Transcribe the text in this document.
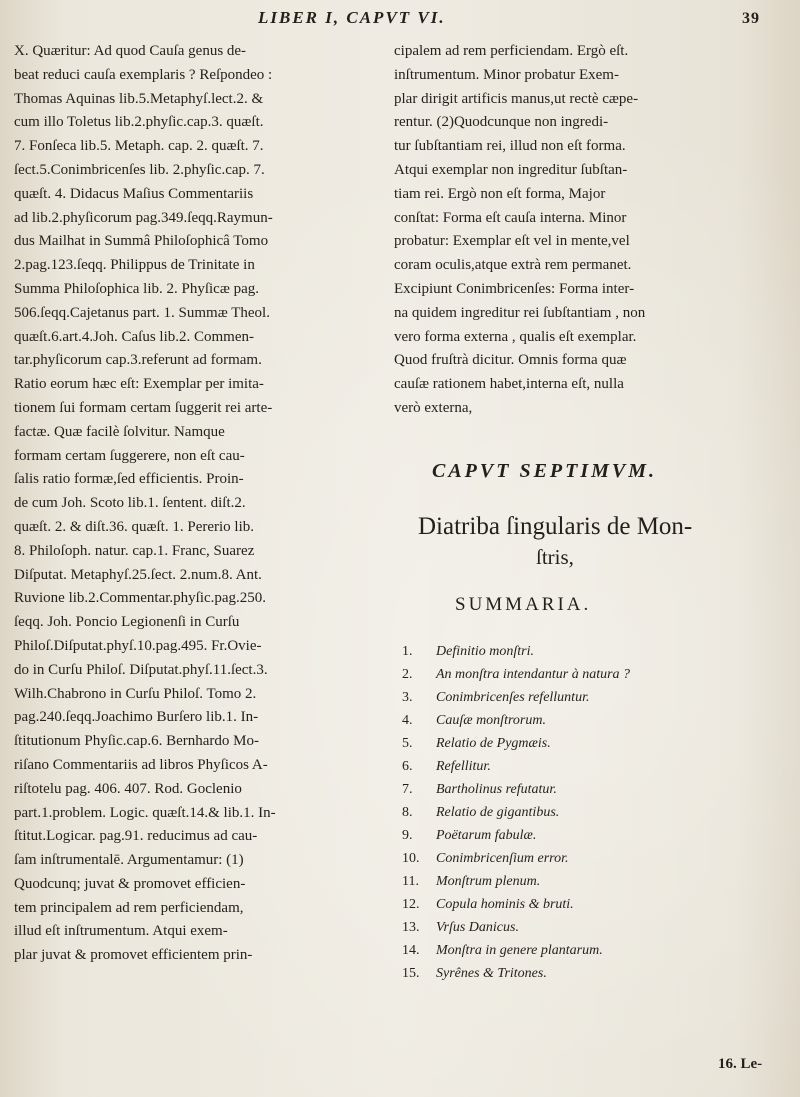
LIBER I, CAPVT VI.	39
X. Quæritur: Ad quod Cauſa genus de-
beat reduci cauſa exemplaris ? Reſpondeo :
Thomas Aquinas lib.5.Metaphyſ.lect.2. &
cum illo Toletus lib.2.phyſic.cap.3. quæſt.
7. Fonſeca lib.5. Metaph. cap. 2. quæſt. 7.
ſect.5.Conimbricenſes lib. 2.phyſic.cap. 7.
quæſt. 4. Didacus Maſius Commentariis
ad lib.2.phyſicorum pag.349.ſeqq.Raymun-
dus Mailhat in Summâ Philoſophicâ Tomo
2.pag.123.ſeqq. Philippus de Trinitate in
Summa Philoſophica lib. 2. Phyſicæ pag.
506.ſeqq.Cajetanus part. 1. Summæ Theol.
quæſt.6.art.4.Joh. Caſus lib.2. Commen-
tar.phyſicorum cap.3.referunt ad formam.
Ratio eorum hæc eſt: Exemplar per imita-
tionem ſui formam certam ſuggerit rei arte-
factæ. Quæ facilè ſolvitur. Namque
formam certam ſuggerere, non eſt cau-
ſalis ratio formæ,ſed efficientis. Proin-
de cum Joh. Scoto lib.1. ſentent. diſt.2.
quæſt. 2. & diſt.36. quæſt. 1. Pererio lib.
8. Philoſoph. natur. cap.1. Franc, Suarez
Diſputat. Metaphyſ.25.ſect. 2.num.8. Ant.
Ruvione lib.2.Commentar.phyſic.pag.250.
ſeqq. Joh. Poncio Legionenſi in Curſu
Philoſ.Diſputat.phyſ.10.pag.495. Fr.Ovie-
do in Curſu Philoſ. Diſputat.phyſ.11.ſect.3.
Wilh.Chabrono in Curſu Philoſ. Tomo 2.
pag.240.ſeqq.Joachimo Burſero lib.1. In-
ſtitutionum Phyſic.cap.6. Bernhardo Mo-
riſano Commentariis ad libros Phyſicos A-
riſtotelu pag. 406. 407. Rod. Goclenio
part.1.problem. Logic. quæſt.14.& lib.1. In-
ſtitut.Logicar. pag.91. reducimus ad cau-
ſam inſtrumentalē. Argumentamur: (1)
Quodcunq; juvat & promovet efficien-
tem principalem ad rem perficiendam,
illud eſt inſtrumentum. Atqui exem-
plar juvat & promovet efficientem prin-
cipalem ad rem perficiendam. Ergò eſt.
inſtrumentum. Minor probatur Exem-
plar dirigit artificis manus,ut rectè cæpe-
rentur. (2)Quodcunque non ingredi-
tur ſubſtantiam rei, illud non eſt forma.
Atqui exemplar non ingreditur ſubſtan-
tiam rei. Ergò non eſt forma, Major
conſtat: Forma eſt cauſa interna. Minor
probatur: Exemplar eſt vel in mente,vel
coram oculis,atque extrà rem permanet.
Excipiunt Conimbricenſes: Forma inter-
na quidem ingreditur rei ſubſtantiam , non
vero forma externa , qualis eſt exemplar.
Quod fruſtrà dicitur. Omnis forma quæ
cauſæ rationem habet,interna eſt, nulla
verò externa,
CAPVT SEPTIMVM.
Diatriba ſingularis de Mon-
ſtris,
SUMMARIA.
1. Definitio monſtri.
2. An monſtra intendantur à natura ?
3. Conimbricenſes refelluntur.
4. Cauſæ monſtrorum.
5. Relatio de Pygmæis.
6. Refellitur.
7. Bartholinus refutatur.
8. Relatio de gigantibus.
9. Poëtarum fabulæ.
10. Conimbricenſium error.
11. Monſtrum plenum.
12. Copula hominis & bruti.
13. Vrſus Danicus.
14. Monſtra in genere plantarum.
15. Syrênes & Tritones.
16. Le-
